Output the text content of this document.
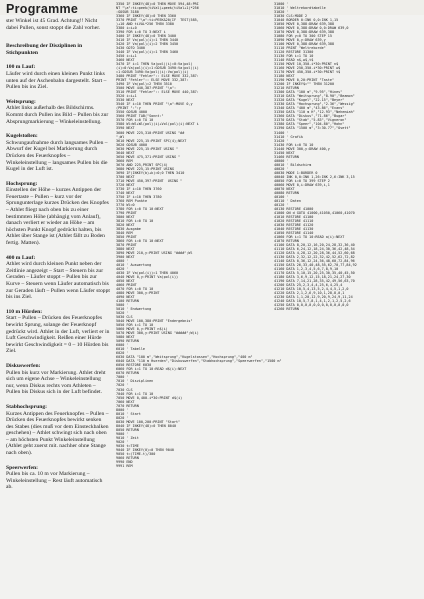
Programme

ster Winkel ist 45 Grad. Achtung!! Nicht dabei Pullen, sonst stoppt die Zahl vorher.

Beschreibung der Disziplinen in Stichpunkten

100 m Lauf:

Läufer wird durch einen kleinen Punkt links unten auf der Aschenbahn dargestellt. Start – Pullen bis ins Ziel.

Weitsprung:

Athlet links außerhalb des Bildschirms. Kommt durch Pullen ins Bild – Pullen bis zur Absprungmarkierung – Winkeleinstellung.

Kugelstoßen:

Schwungaufnahme durch langsames Pullen – Abwurf der Kugel bei Markierung durch Drücken des Feuerknopfes – Winkeleinstellung – langsames Pullen bis die Kugel in der Luft ist.

Hochsprung:

Einstellen der Höhe – kurzes Antippen der Feuertaste – Pullen – kurz vor der Sprungunterlage kurzes Drücken des Knopfes – Athlet fliegt nach oben bis zu einer bestimmten Höhe (abhängig vom Anlauf), danach verliert er wieder an Höhe – am höchsten Punkt Knopf gedrückt halten, bis Athlet über Stange ist (Athlet fällt zu Boden fertig. Matten).

400 m Lauf:

Athlet wird durch kleinen Punkt neben der Zeitlinie angezeigt – Start – Steuern bis zur Geraden – Läufer stoppt – Pullen bis zur Kurve – Steuern wenn Läufer automatisch bis zur Geraden läuft – Pullen wenn Läufer stoppt bis ins Ziel.

110 m Hürden:

Start – Pullen – Drücken des Feuerknopfes bewirkt Sprung, solange der Feuerknopf gedrückt wird. Athlet in der Luft, verliert er in Luft Geschwindigkeit. Reißen einer Hürde bewirkt Geschwindigkeit = 0 – 10 Hürden bis Ziel.

Diskuswerfen:

Pullen bis kurz vor Markierung. Athlet dreht sich um eigene Achse – Winkeleinstellung nur, wenn Diskus rechts vom Athleten – Pullen bis Diskus sich in der Luft befindet.

Stabhochsprung:

Kurzes Antippen des Feuerknopfes – Pullen – Drücken des Feuerknopfes bewirkt senken des Stabes (dies muß vor dem Einsteckbalken geschehen) – Athlet schwingt sich nach oben – am höchsten Punkt Winkeleinstellung (Athlet geht zuerst mit. nachher ohne Stange nach oben).

Speerwerfen:

Pullen bis ca. 10 m vor Markierung – Winkeleinstellung – Rest läuft automatisch ab.

3350 IF INKEY(48)=0 THEN MOVE 594,48:PRI
NT "\a":ti=peek(tiVal)+peek(tiVal+1)*256
:GOSUB 3180
3360 IF INKEY(48)=0 THEN 3360
3370 PRINT "\a":ti=PEEK&20(IF  TEST(585,
)+10 AND tiVAL*256 THEN 3380
3380 i=i+0
3390 FOR i=0 TO 3:NEXT i
3400 IF INKEY(48)=0 THEN 3400
3410 IF Va(pol)(i)=1 THEN 3440
3420 IF Va(pol)(i)=2 THEN 3450
3430 GOTO 3400
3440 IF Va(pol)(i)=1 THEN 3460
3450 i=i+1
3460 NEXT
3470 IF i=1 THEN Va(pol)(i)=0:Va(pol)
(i)=0:Va(pol)(i)=1:GOSUB 3490:Va(pol)(i)
=1:GOSUB 3490:Va(pol)(i):Va(pol)(i)
3480 PRINT "Fehler":: ELSE MOVE 332,387:
PRINT "Fehler":: ELSE MOVE 332,387:
3490 IF Va(pol)=2 THEN 3510
3500 MOVE 440,387:PRINT "\a":
3510 PRINT "Fehler":: ELSE MOVE 440,387:
3520 i=i+1
3530 NEXT
3540 IF i=10 THEN PRINT "\a":MOVE 0,y
(PRINT ":":y
3550 GOSUB 4000
3560 PRINT TAB("Sonnt:"
3570 FOR i=0 TO 10
3580 Wl=Wl+Wl(pol)(i)+Vol(pol)(i):NEXT i
3590 NEXT
3600 MOVE 225,310:PRINT USING "##
";Wl
3610 MOVE 225,15:PRINT SPC(4);NEXT
3620 GOSUB 4000
3630 MOVE 225,15:PRINT USING "
3640 NEXT
3650 MOVE 475,371:PRINT USING "
3660 REM
3670 AND 225,PRINT SPC(4)
3680 MOVE 225,15:PRINT USING
3690 IF(INKEY(b)+k)=0;0 THEN 3410
3700 NEXT
3710 MOVE 450,397:PRINT  USING "
3720 NEXT
3730 IF i=10 THEN 3760
3740 NEXT
3750 IF i=10 THEN 3780
3760 REM Punkte
3770 Wl=0
3780 FOR i=0 TO 10:NEXT
3790 PRINT
3800 NEXT
3810 FOR i=0 TO 10
3820 NEXT
3830 Ausgabe
3840 REM
3850 PRINT
3860 FOR i=0 TO 10:NEXT
3870 PRINT
3880 NEXT
3890 MOVE 210,y:PRINT USING "####";Wl
3900 NEXT
4000 '
4010 ' Auswertung
4020 '
4030 IF Va(pol(i))=1 THEN 4060
4040 MOVE 0,y:PRINT Va(pol(i))
4050 NEXT
4060 PRINT
4070 FOR i=0 TO 10
4080 MOVE 300,y:PRINT
4090 NEXT
4100 RETURN
5000 '
5010 ' Endwertung
5020 '
5030 CLS
5040 MOVE 100,380:PRINT "Endergebnis"
5050 FOR i=1 TO 10
5060 MOVE 0,y:PRINT n$(i)
5070 MOVE 300,y:PRINT USING "#####";W(i)
5080 NEXT
5090 RETURN
6000 '
6010 ' Tabelle
6020 '
6030 DATA "100 m","Weitsprung","Kugelstossen","Hochsprung","400 m"
6040 DATA "110 m Huerden","Diskuswerfen","Stabhochsprung","Speerwerfen","1500 m"
6050 RESTORE 6030
6060 FOR i=1 TO 10:READ d$(i):NEXT
6070 RETURN
7000 '
7010 ' Disziplinen
7020 '
7030 CLS
7040 FOR i=1 TO 10
7050 MOVE 0,400-i*30:PRINT d$(i)
7060 NEXT
7070 RETURN
8000 '
8010 ' Start
8020 '
8030 MOVE 100,200:PRINT "Start"
8040 IF INKEY(48)=0 THEN 8040
8050 RETURN
9000 '
9010 ' Zeit
9020 '
9030 t=TIME
9040 IF INKEY(0)=0 THEN 9040
9050 t=(TIME-t)/300
9060 RETURN
9990 END
9991 REM
31000 '
31010 ' Weltrekordtabelle
31020 '
31030 CLS:MODE 2
31040 BORDER 0:INK 0,0:INK 1,15
31050 MOVE 0,388:DRAW 639,388
31060 MOVE 0,388:DRAW 0,0:DRAW 639,0
31070 MOVE 0,388:DRAW 639,388
31080 FOR y=0 TO 300 STEP 15
31090 MOVE 0,y:DRAW 639,y
31100 MOVE 0,388:DRAW 639,388
31110 PRINT "Weltrekorde"
31120 RESTORE 31300
31130 FOR i=1 TO 10
31140 READ n$,w$,t$
31150 MOVE 10,350-i*30:PRINT n$
31160 MOVE 250,350-i*30:PRINT w$
31170 MOVE 450,350-i*30:PRINT t$
31180 NEXT
31190 MOVE 0,20:PRINT "Taste"
31200 IF INKEY$="" THEN 31200
31210 RETURN
31300 DATA "100 m","9.95","Hines"
31310 DATA "Weitsprung","8.90","Beamon"
31320 DATA "Kugel","22.15","Beyer"
31330 DATA "Hochsprung","2.36","Wessig"
31340 DATA "400 m","43.86","Evans"
31350 DATA "110 m H","12.93","Nehemiah"
31360 DATA "Diskus","71.86","Bugar"
31370 DATA "Stab","5.83","Vigneron"
31380 DATA "Speer","104.80","Hohn"
31390 DATA "1500 m","3:30.77","Ovett"
31400 '
31410 ' Grafik
31420 '
31430 FOR i=0 TO 10
31440 MOVE 300,y:DRAW 400,y
31450 NEXT
31460 RETURN
40000 '
40010 ' Bildschirm
40020 '
40030 MODE 1:BORDER 0
40040 INK 0,0:INK 1,26:INK 2,6:INK 3,15
40050 FOR i=0 TO 399 STEP 2
40060 MOVE 0,i:DRAW 639,i,1
40070 NEXT
40080 RETURN
40100 '
40110 ' Daten
40120 '
40130 RESTORE 41000
41000 ON d GOTO 41000,41050,41060,41070
41010 RESTORE 41100
41020 RESTORE 41110
41030 RESTORE 41120
41040 RESTORE 41130
41050 RESTORE 41140
41060 FOR i=1 TO 10:READ a(i):NEXT
41070 RETURN
41100 DATA 8,20,12,16,20,24,28,32,36,40
41110 DATA 6,24,12,18,24,30,36,42,48,54
41120 DATA 4,28,12,20,28,36,44,52,60,68
41130 DATA 2,32,12,22,32,42,52,62,72,82
41140 DATA 0,36,12,24,36,48,60,72,84,96
41150 DATA 26,33,40,48,55,62,70,77,84,92
41160 DATA 1,2,3,4,5,6,7,8,9,10
41170 DATA 5,10,15,20,25,30,35,40,45,50
41180 DATA 3,6,9,12,15,18,21,24,27,30
41190 DATA 7,14,21,28,35,42,49,56,63,70
41200 DATA 25,2,3,4,4,25,6,4,25,4
41210 DATA 10,5,4,13,5,2,4,4,5,1,2,0
41220 DATA 2,1,2,6,9,10,1,28,8,0,1
41230 DATA 1,1,20,12,9,20,9,24,9,11,24
41240 DATA 10,5,7,8,1,4,1,2,1,2,5,2,6
41250 DATA 0,0,0,0,0,0,0,0,0,0,0,0,0
41260 RETURN
